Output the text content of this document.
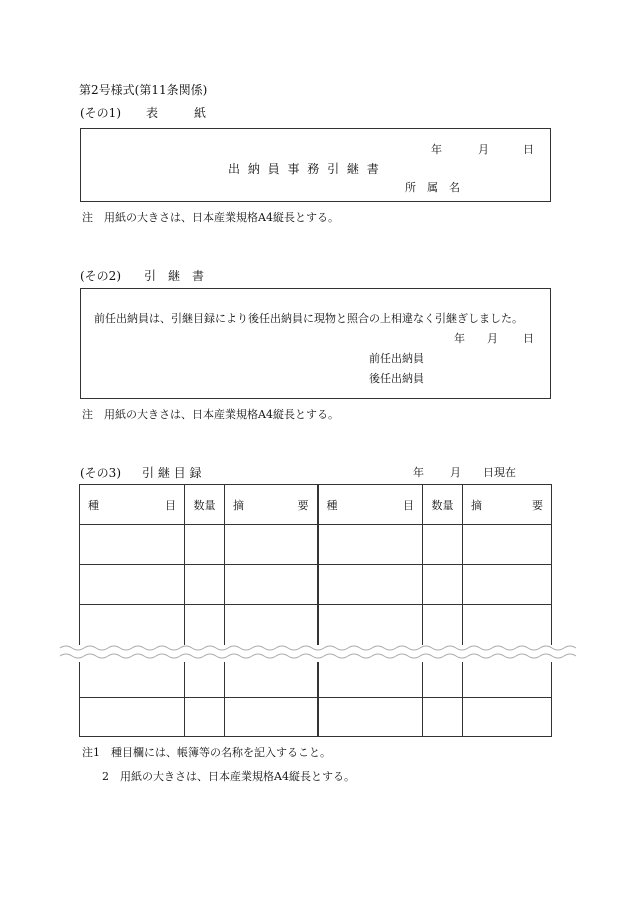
第2号様式(第11条関係)
(その1) 表　　　紙
年	月	日
出 納 員 事 務 引 継 書
所　属　名
注　用紙の大きさは、日本産業規格A4縦長とする。
(その2) 引　継　書
前任出納員は、引継目録により後任出納員に現物と照合の上相違なく引継ぎしました。
年 月 日
前任出納員
後任出納員
注　用紙の大きさは、日本産業規格A4縦長とする。
(その3) 引 継 目 録	年 月 日現在
種 目	数量	摘 要	種 目	数量	摘 要

注1　種目欄には、帳簿等の名称を記入すること。
2　用紙の大きさは、日本産業規格A4縦長とする。
